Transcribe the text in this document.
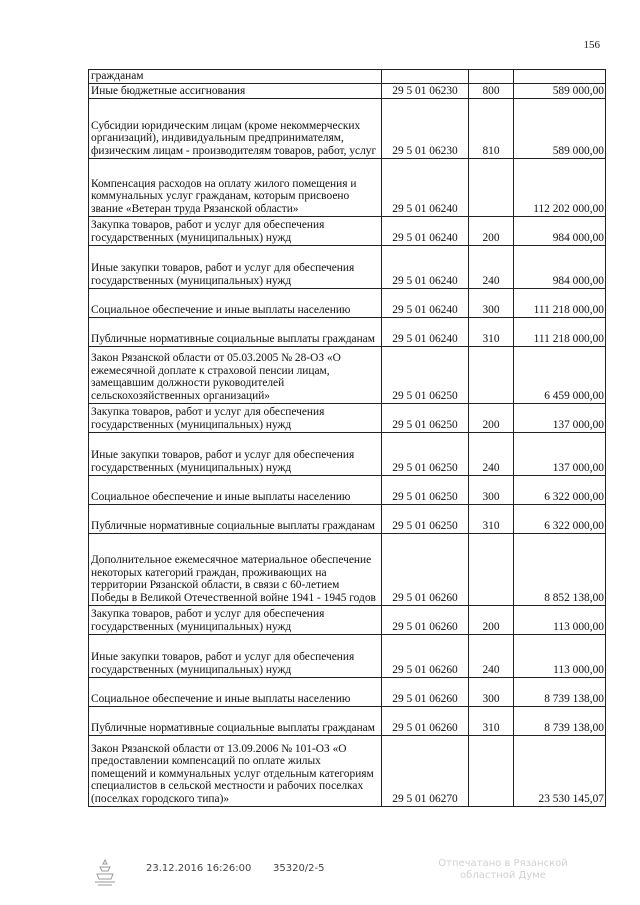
156
гражданам			
Иные бюджетные ассигнования	29 5 01 06230	800	589 000,00
Субсидии юридическим лицам (кроме некоммерческих организаций), индивидуальным предпринимателям, физическим лицам - производителям товаров, работ, услуг	29 5 01 06230	810	589 000,00
Компенсация расходов на оплату жилого помещения и коммунальных услуг гражданам, которым присвоено звание «Ветеран труда Рязанской области»	29 5 01 06240		112 202 000,00
Закупка товаров, работ и услуг для обеспечения государственных (муниципальных) нужд	29 5 01 06240	200	984 000,00
Иные закупки товаров, работ и услуг для обеспечения государственных (муниципальных) нужд	29 5 01 06240	240	984 000,00
Социальное обеспечение и иные выплаты населению	29 5 01 06240	300	111 218 000,00
Публичные нормативные социальные выплаты гражданам	29 5 01 06240	310	111 218 000,00
Закон Рязанской области от 05.03.2005 № 28-ОЗ «О ежемесячной доплате к страховой пенсии лицам, замещавшим должности руководителей сельскохозяйственных организаций»	29 5 01 06250		6 459 000,00
Закупка товаров, работ и услуг для обеспечения государственных (муниципальных) нужд	29 5 01 06250	200	137 000,00
Иные закупки товаров, работ и услуг для обеспечения государственных (муниципальных) нужд	29 5 01 06250	240	137 000,00
Социальное обеспечение и иные выплаты населению	29 5 01 06250	300	6 322 000,00
Публичные нормативные социальные выплаты гражданам	29 5 01 06250	310	6 322 000,00
Дополнительное ежемесячное материальное обеспечение некоторых категорий граждан, проживающих на территории Рязанской области, в связи с 60-летием Победы в Великой Отечественной войне 1941 - 1945 годов	29 5 01 06260		8 852 138,00
Закупка товаров, работ и услуг для обеспечения государственных (муниципальных) нужд	29 5 01 06260	200	113 000,00
Иные закупки товаров, работ и услуг для обеспечения государственных (муниципальных) нужд	29 5 01 06260	240	113 000,00
Социальное обеспечение и иные выплаты населению	29 5 01 06260	300	8 739 138,00
Публичные нормативные социальные выплаты гражданам	29 5 01 06260	310	8 739 138,00
Закон Рязанской области от 13.09.2006 № 101-ОЗ «О предоставлении компенсаций по оплате жилых помещений и коммунальных услуг отдельным категориям специалистов в сельской местности и рабочих поселках (поселках городского типа)»	29 5 01 06270		23 530 145,07
23.12.2016 16:26:00 35320/2-5	Отпечатано в Рязанской областной Думе
